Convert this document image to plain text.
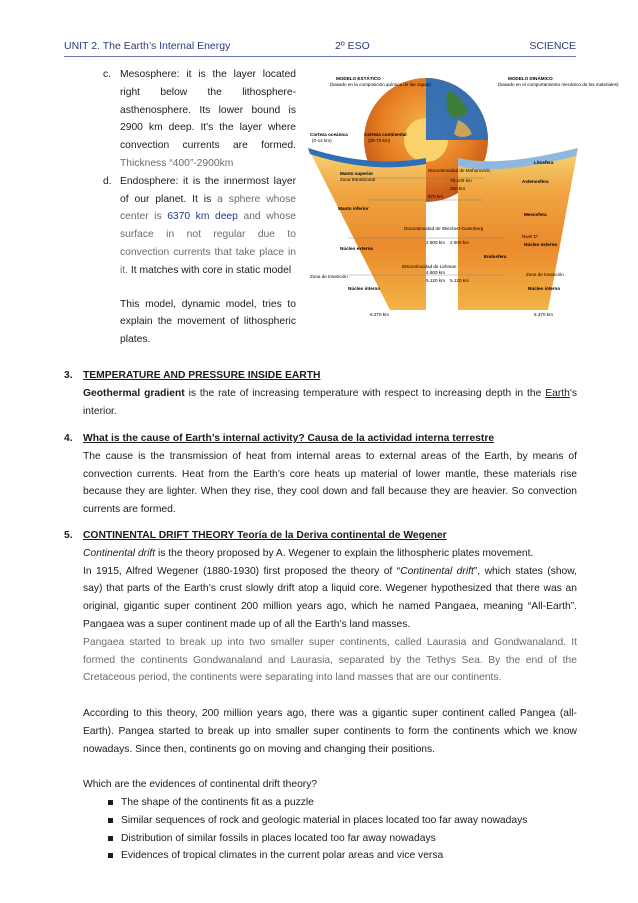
UNIT 2. The Earth’s Internal Energy	2º ESO	SCIENCE
c. Mesosphere: it is the layer located right below the lithosphere-asthenosphere. Its lower bound is 2900 km deep. It's the layer where convection currents are formed. Thickness “400”-2900km
d. Endosphere: it is the innermost layer of our planet. It is a sphere whose center is 6370 km deep and whose surface in not regular due to convection currents that take place in it. It matches with core in static model
This model, dynamic model, tries to explain the movement of lithospheric plates.
MODELO ESTÁTICO
(basado en la composición química de las capas)
MODELO DINÁMICO
(basado en el comportamiento mecánico de los materiales)
Corteza oceánica
(0-12 km)
Corteza continental
(25-70 km)
Manto superior
Zona transicional
Manto inferior
Núcleo externo
Zona de transición
Núcleo interno
Discontinuidad de Mohorovicic
Discontinuidad de Wiechert-Gutenberg
Discontinuidad de Lehman
Litosfera
Astenosfera
Mesosfera
Nivel D"
Núcleo externo
Endosfera
Zona de transición
Núcleo interno
75-100 km
250 km
670 km
2.900 km 2.900 km
4.900 km
5.120 km 5.120 km
6.370 km	6.370 km
3. TEMPERATURE AND PRESSURE INSIDE EARTH
Geothermal gradient is the rate of increasing temperature with respect to increasing depth in the Earth's interior.
4. What is the cause of Earth’s internal activity? Causa de la actividad interna terrestre
The cause is the transmission of heat from internal areas to external areas of the Earth, by means of convection currents. Heat from the Earth’s core heats up material of lower mantle, these materials rise because they are lighter. When they rise, they cool down and fall because they are heavier. So convection currents are formed.
5. CONTINENTAL DRIFT THEORY Teoría de la Deriva continental de Wegener

Continental drift is the theory proposed by A. Wegener to explain the lithospheric plates movement.

In 1915, Alfred Wegener (1880-1930) first proposed the theory of “Continental drift”, which states (show, say) that parts of the Earth’s crust slowly drift atop a liquid core. Wegener hypothesized that there was an original, gigantic super continent 200 million years ago, which he named Pangaea, meaning “All-Earth”. Pangaea was a super continent made up of all the Earth’s land masses.

Pangaea started to break up into two smaller super continents, called Laurasia and Gondwanaland. It formed the continents Gondwanaland and Laurasia, separated by the Tethys Sea. By the end of the Cretaceous period, the continents were separating into land masses that are our continents.

According to this theory, 200 million years ago, there was a gigantic super continent called Pangea (all-Earth). Pangea started to break up into smaller super continents to form the continents which we know nowadays. Since then, continents go on moving and changing their positions.

Which are the evidences of continental drift theory?

The shape of the continents fit as a puzzle
Similar sequences of rock and geologic material in places located too far away nowadays
Distribution of similar fossils in places located too far away nowadays
Evidences of tropical climates in the current polar areas and vice versa
